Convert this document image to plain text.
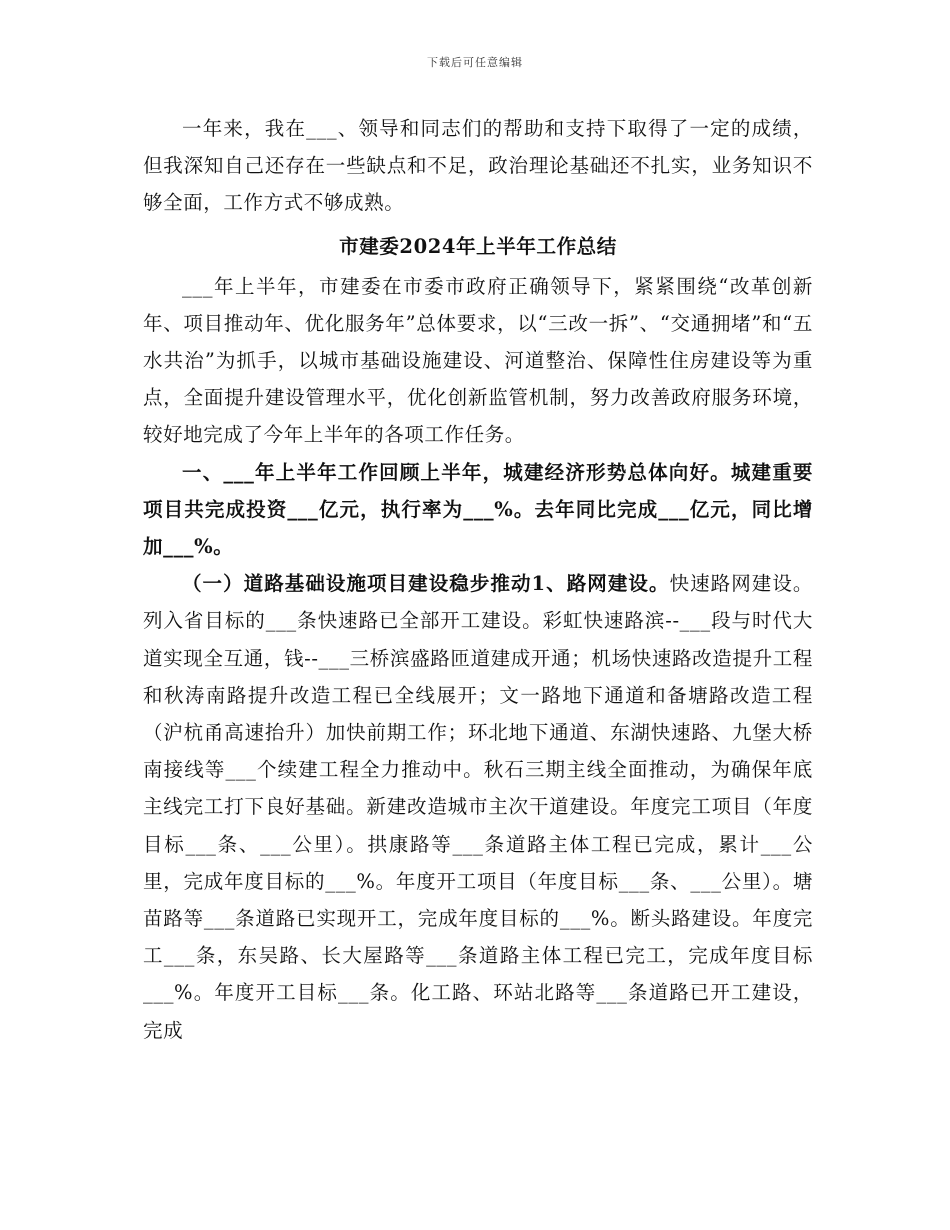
下载后可任意编辑

一年来，我在___、领导和同志们的帮助和支持下取得了一定的成绩，但我深知自己还存在一些缺点和不足，政治理论基础还不扎实，业务知识不够全面，工作方式不够成熟。

市建委2024年上半年工作总结

___年上半年，市建委在市委市政府正确领导下，紧紧围绕“改革创新年、项目推动年、优化服务年”总体要求，以“三改一拆”、“交通拥堵”和“五水共治”为抓手，以城市基础设施建设、河道整治、保障性住房建设等为重点，全面提升建设管理水平，优化创新监管机制，努力改善政府服务环境，较好地完成了今年上半年的各项工作任务。

一、___年上半年工作回顾上半年，城建经济形势总体向好。城建重要项目共完成投资___亿元，执行率为___%。去年同比完成___亿元，同比增加___%。

（一）道路基础设施项目建设稳步推动1、路网建设。快速路网建设。列入省目标的___条快速路已全部开工建设。彩虹快速路滨--___段与时代大道实现全互通，钱--___三桥滨盛路匝道建成开通；机场快速路改造提升工程和秋涛南路提升改造工程已全线展开；文一路地下通道和备塘路改造工程（沪杭甬高速抬升）加快前期工作；环北地下通道、东湖快速路、九堡大桥南接线等___个续建工程全力推动中。秋石三期主线全面推动，为确保年底主线完工打下良好基础。新建改造城市主次干道建设。年度完工项目（年度目标___条、___公里）。拱康路等___条道路主体工程已完成，累计___公里，完成年度目标的___%。年度开工项目（年度目标___条、___公里）。塘苗路等___条道路已实现开工，完成年度目标的___%。断头路建设。年度完工___条，东吴路、长大屋路等___条道路主体工程已完工，完成年度目标___%。年度开工目标___条。化工路、环站北路等___条道路已开工建设，完成
